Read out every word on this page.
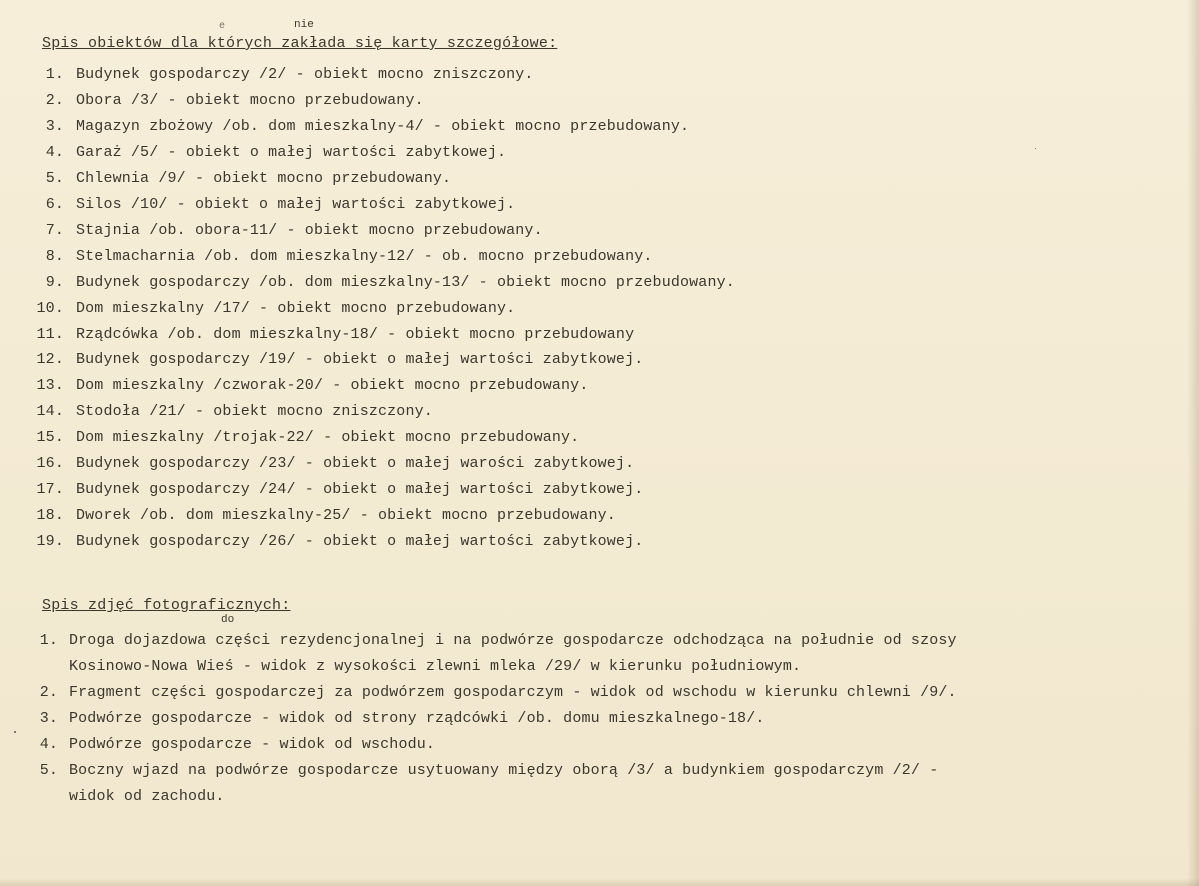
e	nie
Spis obiektów dla których zakłada się karty szczegółowe:
1. Budynek gospodarczy /2/ - obiekt mocno zniszczony.
2. Obora /3/ - obiekt mocno przebudowany.
3. Magazyn zbożowy /ob. dom mieszkalny-4/ - obiekt mocno przebudowany.
4. Garaż /5/ - obiekt o małej wartości zabytkowej.
5. Chlewnia /9/ - obiekt mocno przebudowany.
6. Silos /10/ - obiekt o małej wartości zabytkowej.
7. Stajnia /ob. obora-11/ - obiekt mocno przebudowany.
8. Stelmacharnia /ob. dom mieszkalny-12/ - ob. mocno przebudowany.
9. Budynek gospodarczy /ob. dom mieszkalny-13/ - obiekt mocno przebudowany.
10. Dom mieszkalny /17/ - obiekt mocno przebudowany.
11. Rządcówka /ob. dom mieszkalny-18/ - obiekt mocno przebudowany
12. Budynek gospodarczy /19/ - obiekt o małej wartości zabytkowej.
13. Dom mieszkalny /czworak-20/ - obiekt mocno przebudowany.
14. Stodoła /21/ - obiekt mocno zniszczony.
15. Dom mieszkalny /trojak-22/ - obiekt mocno przebudowany.
16. Budynek gospodarczy /23/ - obiekt o małej warości zabytkowej.
17. Budynek gospodarczy /24/ - obiekt o małej wartości zabytkowej.
18. Dworek /ob. dom mieszkalny-25/ - obiekt mocno przebudowany.
19. Budynek gospodarczy /26/ - obiekt o małej wartości zabytkowej.
Spis zdjęć fotograficznych:
do
1. Droga dojazdowa części rezydencjonalnej i na podwórze gospodarcze odchodząca na południe od szosy
Kosinowo-Nowa Wieś - widok z wysokości zlewni mleka /29/ w kierunku południowym.
2. Fragment części gospodarczej za podwórzem gospodarczym - widok od wschodu w kierunku chlewni /9/.
3. Podwórze gospodarcze - widok od strony rządcówki /ob. domu mieszkalnego-18/.
4. Podwórze gospodarcze - widok od wschodu.
5. Boczny wjazd na podwórze gospodarcze usytuowany między oborą /3/ a budynkiem gospodarczym /2/ -
widok od zachodu.
